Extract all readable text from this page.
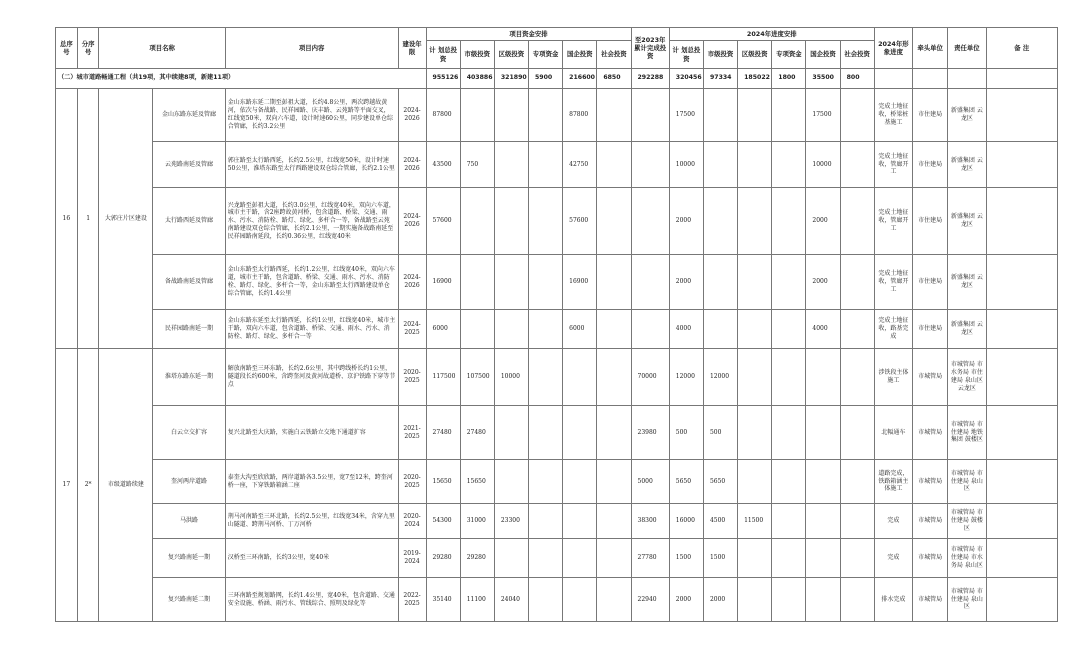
总序号	分序号	项目名称		项目内容	建设年限	项目资金安排						至2023年累计完成投资	2024年进度安排						2024年形象进度	牵头单位	责任单位	备 注
						计 划总投资	市级投资	区级投资	专项资金	国企投资	社会投资		计 划总投资	市级投资	区级投资	专项资金	国企投资	社会投资				
（二）城市道路畅通工程（共19项，其中续建8项，新建11项）						955126	403886	321890	5900	216600	6850	292288	320456	97334	185022	1800	35500	800				
16	1	大郭庄片区建设	金山东路东延及管廊	金山东路东延二期至彭祖大道，长约4.8公里，两次跨越故黄河，依次与备战路、民祥园路、庆丰路、云苑路等平面交叉，红线宽50米，双向六车道，设计时速60公里，同步建设单仓综合管廊，长约3.2公里	2024-2026	87800				87800			17500				17500		完成土地征收，桥梁桩基施工	市住建局	新盛集团 云龙区	
			云苑路南延及管廊	郭庄路至太行路西延，长约2.5公里，红线宽50米，设计时速50公里，淮塔东路至太行西路建设双仓综合管廊，长约2.1公里	2024-2026	43500	750			42750			10000				10000		完成土地征收，管廊开工	市住建局	新盛集团 云龙区	
			太行路西延及管廊	兴龙路至彭祖大道，长约3.0公里，红线宽40米，双向六车道，城市主干路，含2座跨故黄河桥，包含道路、桥梁、交通、雨水、污水、消防栓、路灯、绿化、多杆合一等，备战路至云苑南路建设双仓综合管廊，长约2.1公里，一期实施备战路南延至民祥园路南延段，长约0.36公里，红线宽40米	2024-2026	57600				57600			2000				2000		完成土地征收，管廊开工	市住建局	新盛集团 云龙区	
			备战路南延及管廊	金山东路至太行路西延，长约1.2公里，红线宽40米，双向六车道，城市主干路，包含道路、桥梁、交通、雨水、污水、消防栓、路灯、绿化、多杆合一等，金山东路至太行西路建设单仓综合管廊，长约1.4公里	2024-2026	16900				16900			2000				2000		完成土地征收，管廊开工	市住建局	新盛集团 云龙区	
			民祥园路南延一期	金山东路东延至太行路西延，长约1公里，红线宽40米，城市主干路，双向六车道，包含道路、桥梁、交通、雨水、污水、消防栓、路灯、绿化、多杆合一等	2024-2025	6000				6000			4000				4000		完成土地征收，路基完成	市住建局	新盛集团 云龙区	
17	2*	市级道路续建	淮塔东路东延一期	解放南路至三环东路，长约2.6公里，其中跨线桥长约1公里，隧道段长约600米，含跨奎河及黄河故道桥、京沪铁路下穿等节点	2020-2025	117500	107500	10000				70000	12000	12000					涉铁段主体施工	市城管局	市城管局 市水务局 市住建局 泉山区 云龙区	
			白云立交扩容	复兴北路至大庆路，实施白云铁路立交地下通道扩容	2021-2025	27480	27480					23980	500	500					北幅通车	市城管局	市城管局 市住建局 地铁集团 鼓楼区	
			奎河两岸道路	泰奎大沟至欣欣路，两岸道路各3.5公里，宽7至12米，跨奎河桥一座，下穿铁路箱涵二座	2020-2025	15650	15650					5000	5650	5650					道路完成，铁路箱涵主体施工	市城管局	市城管局 市住建局 泉山区	
			马洪路	荆马河南路至三环北路，长约2.5公里，红线宽34米，含穿九里山隧道、跨荆马河桥、丁万河桥	2020-2024	54300	31000	23300				38300	16000	4500	11500				完成	市城管局	市城管局 市住建局 鼓楼区	
			复兴路南延一期	汉桥至三环南路，长约3公里，宽40米	2019-2024	29280	29280					27780	1500	1500					完成	市城管局	市城管局 市住建局 市水务局 泉山区	
			复兴路南延二期	三环南路至规划路网，长约1.4公里，宽40米，包含道路、交通安全设施、桥涵、雨污水、管线综合、照明及绿化等	2022-2025	35140	11100	24040				22940	2000	2000					排水完成	市城管局	市城管局 市住建局 泉山区	
